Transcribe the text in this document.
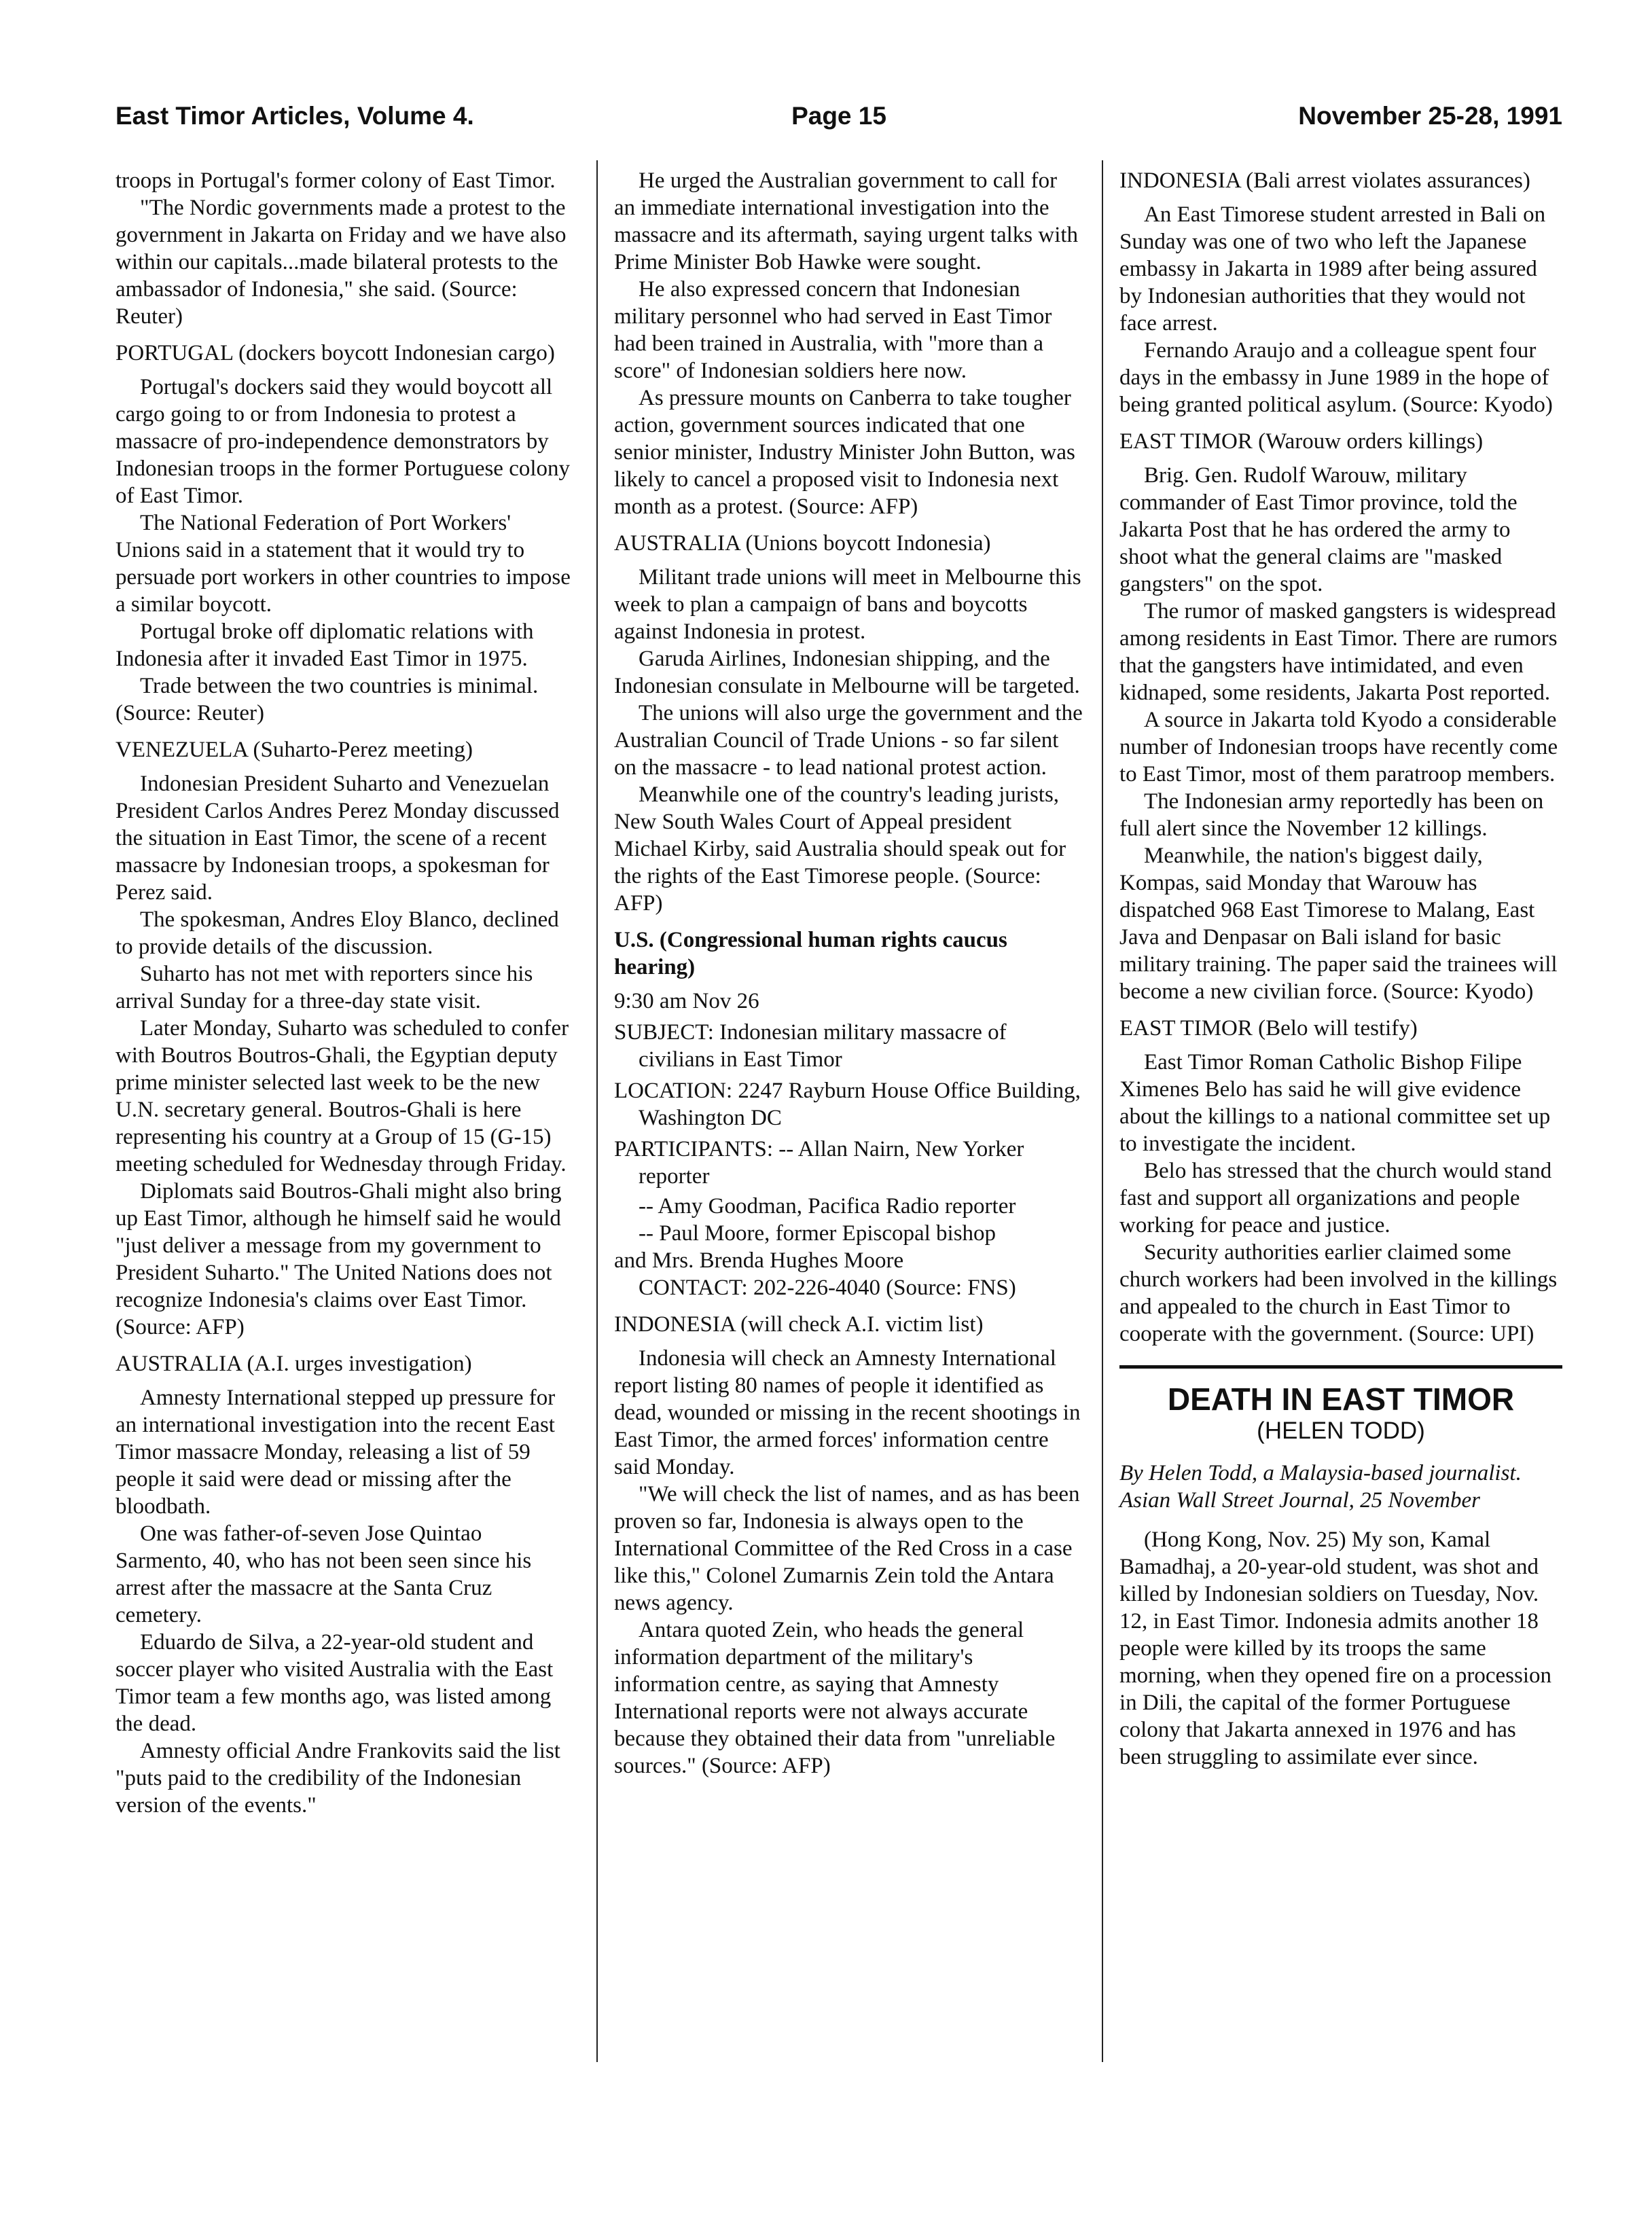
East Timor Articles, Volume 4.	Page 15	November 25-28, 1991

troops in Portugal's former colony of East Timor.

"The Nordic governments made a protest to the government in Jakarta on Friday and we have also within our capitals...made bilateral protests to the ambassador of Indonesia," she said. (Source: Reuter)

PORTUGAL (dockers boycott Indonesian cargo)

Portugal's dockers said they would boycott all cargo going to or from Indonesia to protest a massacre of pro-independence demonstrators by Indonesian troops in the former Portuguese colony of East Timor.

The National Federation of Port Workers' Unions said in a statement that it would try to persuade port workers in other countries to impose a similar boycott.

Portugal broke off diplomatic relations with Indonesia after it invaded East Timor in 1975.

Trade between the two countries is minimal. (Source: Reuter)

VENEZUELA (Suharto-Perez meeting)

Indonesian President Suharto and Venezuelan President Carlos Andres Perez Monday discussed the situation in East Timor, the scene of a recent massacre by Indonesian troops, a spokesman for Perez said.

The spokesman, Andres Eloy Blanco, declined to provide details of the discussion.

Suharto has not met with reporters since his arrival Sunday for a three-day state visit.

Later Monday, Suharto was scheduled to confer with Boutros Boutros-Ghali, the Egyptian deputy prime minister selected last week to be the new U.N. secretary general. Boutros-Ghali is here representing his country at a Group of 15 (G-15) meeting scheduled for Wednesday through Friday.

Diplomats said Boutros-Ghali might also bring up East Timor, although he himself said he would "just deliver a message from my government to President Suharto." The United Nations does not recognize Indonesia's claims over East Timor. (Source: AFP)

AUSTRALIA (A.I. urges investigation)

Amnesty International stepped up pressure for an international investigation into the recent East Timor massacre Monday, releasing a list of 59 people it said were dead or missing after the bloodbath.

One was father-of-seven Jose Quintao Sarmento, 40, who has not been seen since his arrest after the massacre at the Santa Cruz cemetery.

Eduardo de Silva, a 22-year-old student and soccer player who visited Australia with the East Timor team a few months ago, was listed among the dead.

Amnesty official Andre Frankovits said the list "puts paid to the credibility of the Indonesian version of the events."

He urged the Australian government to call for an immediate international investigation into the massacre and its aftermath, saying urgent talks with Prime Minister Bob Hawke were sought.

He also expressed concern that Indonesian military personnel who had served in East Timor had been trained in Australia, with "more than a score" of Indonesian soldiers here now.

As pressure mounts on Canberra to take tougher action, government sources indicated that one senior minister, Industry Minister John Button, was likely to cancel a proposed visit to Indonesia next month as a protest. (Source: AFP)

AUSTRALIA (Unions boycott Indonesia)

Militant trade unions will meet in Melbourne this week to plan a campaign of bans and boycotts against Indonesia in protest.

Garuda Airlines, Indonesian shipping, and the Indonesian consulate in Melbourne will be targeted.

The unions will also urge the government and the Australian Council of Trade Unions - so far silent on the massacre - to lead national protest action.

Meanwhile one of the country's leading jurists, New South Wales Court of Appeal president Michael Kirby, said Australia should speak out for the rights of the East Timorese people. (Source: AFP)

U.S. (Congressional human rights caucus hearing)

9:30 am Nov 26

SUBJECT: Indonesian military massacre of civilians in East Timor

LOCATION: 2247 Rayburn House Office Building, Washington DC

PARTICIPANTS: -- Allan Nairn, New Yorker reporter

-- Amy Goodman, Pacifica Radio reporter

-- Paul Moore, former Episcopal bishop

and Mrs. Brenda Hughes Moore

CONTACT: 202-226-4040 (Source: FNS)

INDONESIA (will check A.I. victim list)

Indonesia will check an Amnesty International report listing 80 names of people it identified as dead, wounded or missing in the recent shootings in East Timor, the armed forces' information centre said Monday.

"We will check the list of names, and as has been proven so far, Indonesia is always open to the International Committee of the Red Cross in a case like this," Colonel Zumarnis Zein told the Antara news agency.

Antara quoted Zein, who heads the general information department of the military's information centre, as saying that Amnesty International reports were not always accurate because they obtained their data from "unreliable sources." (Source: AFP)

INDONESIA (Bali arrest violates assurances)

An East Timorese student arrested in Bali on Sunday was one of two who left the Japanese embassy in Jakarta in 1989 after being assured by Indonesian authorities that they would not face arrest.

Fernando Araujo and a colleague spent four days in the embassy in June 1989 in the hope of being granted political asylum. (Source: Kyodo)

EAST TIMOR (Warouw orders killings)

Brig. Gen. Rudolf Warouw, military commander of East Timor province, told the Jakarta Post that he has ordered the army to shoot what the general claims are "masked gangsters" on the spot.

The rumor of masked gangsters is widespread among residents in East Timor. There are rumors that the gangsters have intimidated, and even kidnaped, some residents, Jakarta Post reported.

A source in Jakarta told Kyodo a considerable number of Indonesian troops have recently come to East Timor, most of them paratroop members.

The Indonesian army reportedly has been on full alert since the November 12 killings.

Meanwhile, the nation's biggest daily, Kompas, said Monday that Warouw has dispatched 968 East Timorese to Malang, East Java and Denpasar on Bali island for basic military training. The paper said the trainees will become a new civilian force. (Source: Kyodo)

EAST TIMOR (Belo will testify)

East Timor Roman Catholic Bishop Filipe Ximenes Belo has said he will give evidence about the killings to a national committee set up to investigate the incident.

Belo has stressed that the church would stand fast and support all organizations and people working for peace and justice.

Security authorities earlier claimed some church workers had been involved in the killings and appealed to the church in East Timor to cooperate with the government. (Source: UPI)

DEATH IN EAST TIMOR
(HELEN TODD)

By Helen Todd, a Malaysia-based journalist. Asian Wall Street Journal, 25 November

(Hong Kong, Nov. 25) My son, Kamal Bamadhaj, a 20-year-old student, was shot and killed by Indonesian soldiers on Tuesday, Nov. 12, in East Timor. Indonesia admits another 18 people were killed by its troops the same morning, when they opened fire on a procession in Dili, the capital of the former Portuguese colony that Jakarta annexed in 1976 and has been struggling to assimilate ever since.
